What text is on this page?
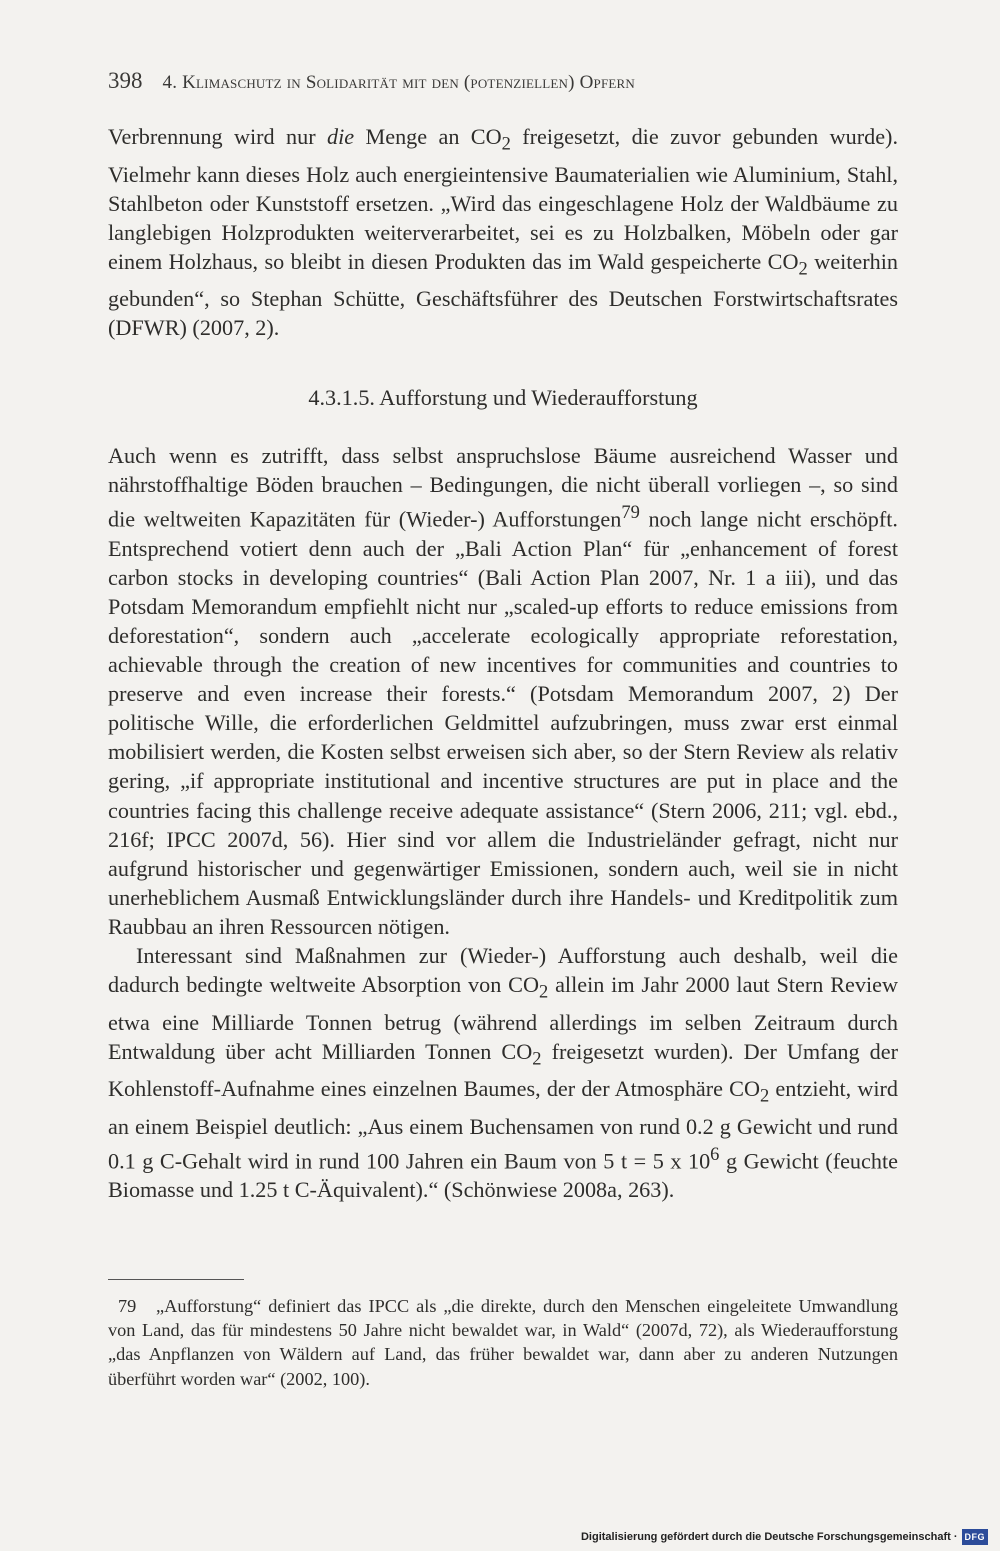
398 4. Klimaschutz in Solidarität mit den (potenziellen) Opfern

Verbrennung wird nur die Menge an $CO_2$ freigesetzt, die zuvor gebunden wurde). Vielmehr kann dieses Holz auch energieintensive Baumaterialien wie Aluminium, Stahl, Stahlbeton oder Kunststoff ersetzen. „Wird das eingeschlagene Holz der Waldbäume zu langlebigen Holzprodukten weiterverarbeitet, sei es zu Holzbalken, Möbeln oder gar einem Holzhaus, so bleibt in diesen Produkten das im Wald gespeicherte $CO_2$ weiterhin gebunden“, so Stephan Schütte, Geschäftsführer des Deutschen Forstwirtschaftsrates (DFWR) (2007, 2).

4.3.1.5. Aufforstung und Wiederaufforstung

Auch wenn es zutrifft, dass selbst anspruchslose Bäume ausreichend Wasser und nährstoffhaltige Böden brauchen – Bedingungen, die nicht überall vorliegen –, so sind die weltweiten Kapazitäten für (Wieder-) Aufforstungen$^{79}$ noch lange nicht erschöpft. Entsprechend votiert denn auch der „Bali Action Plan“ für „enhancement of forest carbon stocks in developing countries“ (Bali Action Plan 2007, Nr. 1 a iii), und das Potsdam Memorandum empfiehlt nicht nur „scaled-up efforts to reduce emissions from deforestation“, sondern auch „accelerate ecologically appropriate reforestation, achievable through the creation of new incentives for communities and countries to preserve and even increase their forests.“ (Potsdam Memorandum 2007, 2) Der politische Wille, die erforderlichen Geldmittel aufzubringen, muss zwar erst einmal mobilisiert werden, die Kosten selbst erweisen sich aber, so der Stern Review als relativ gering, „if appropriate institutional and incentive structures are put in place and the countries facing this challenge receive adequate assistance“ (Stern 2006, 211; vgl. ebd., 216f; IPCC 2007d, 56). Hier sind vor allem die Industrieländer gefragt, nicht nur aufgrund historischer und gegenwärtiger Emissionen, sondern auch, weil sie in nicht unerheblichem Ausmaß Entwicklungsländer durch ihre Handels- und Kreditpolitik zum Raubbau an ihren Ressourcen nötigen.

Interessant sind Maßnahmen zur (Wieder-) Aufforstung auch deshalb, weil die dadurch bedingte weltweite Absorption von $CO_2$ allein im Jahr 2000 laut Stern Review etwa eine Milliarde Tonnen betrug (während allerdings im selben Zeitraum durch Entwaldung über acht Milliarden Tonnen $CO_2$ freigesetzt wurden). Der Umfang der Kohlenstoff-Aufnahme eines einzelnen Baumes, der der Atmosphäre $CO_2$ entzieht, wird an einem Beispiel deutlich: „Aus einem Buchensamen von rund 0.2 g Gewicht und rund 0.1 g C-Gehalt wird in rund 100 Jahren ein Baum von 5 t = 5 x $10^6$ g Gewicht (feuchte Biomasse und 1.25 t C-Äquivalent).“ (Schönwiese 2008a, 263).

79 „Aufforstung“ definiert das IPCC als „die direkte, durch den Menschen eingeleitete Umwandlung von Land, das für mindestens 50 Jahre nicht bewaldet war, in Wald“ (2007d, 72), als Wiederaufforstung „das Anpflanzen von Wäldern auf Land, das früher bewaldet war, dann aber zu anderen Nutzungen überführt worden war“ (2002, 100).
Digitalisierung gefördert durch die Deutsche Forschungsgemeinschaft · DFG
